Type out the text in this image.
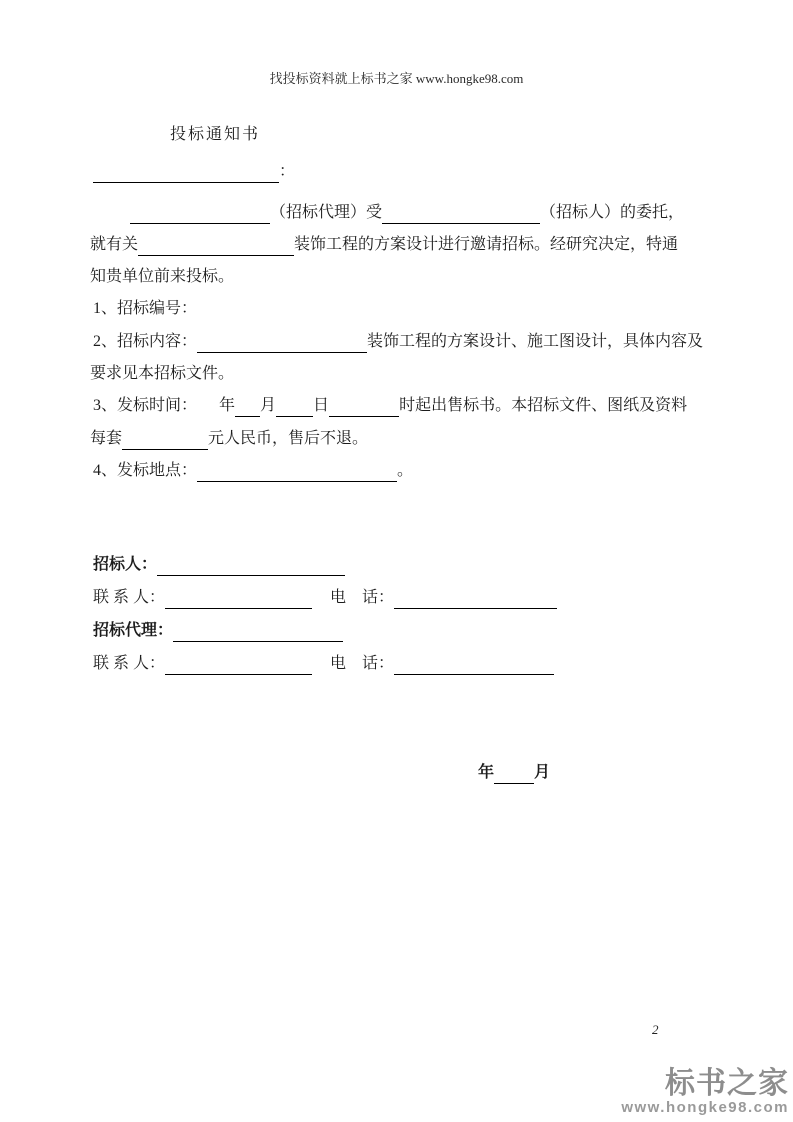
找投标资料就上标书之家 www.hongke98.com
投标通知书
：
（招标代理）受	（招标人）的委托，
就有关	装饰工程的方案设计进行邀请招标。经研究决定，特通
知贵单位前来投标。
1、招标编号：
2、招标内容：	装饰工程的方案设计、施工图设计，具体内容及
要求见本招标文件。
3、发标时间： 年 月 日	时起出售标书。本招标文件、图纸及资料
每套	元人民币，售后不退。
4、发标地点：	。
招标人：
联 系 人：	电　话：
招标代理：
联 系 人：	电　话：
年	月
2
标书之家
www.hongke98.com
